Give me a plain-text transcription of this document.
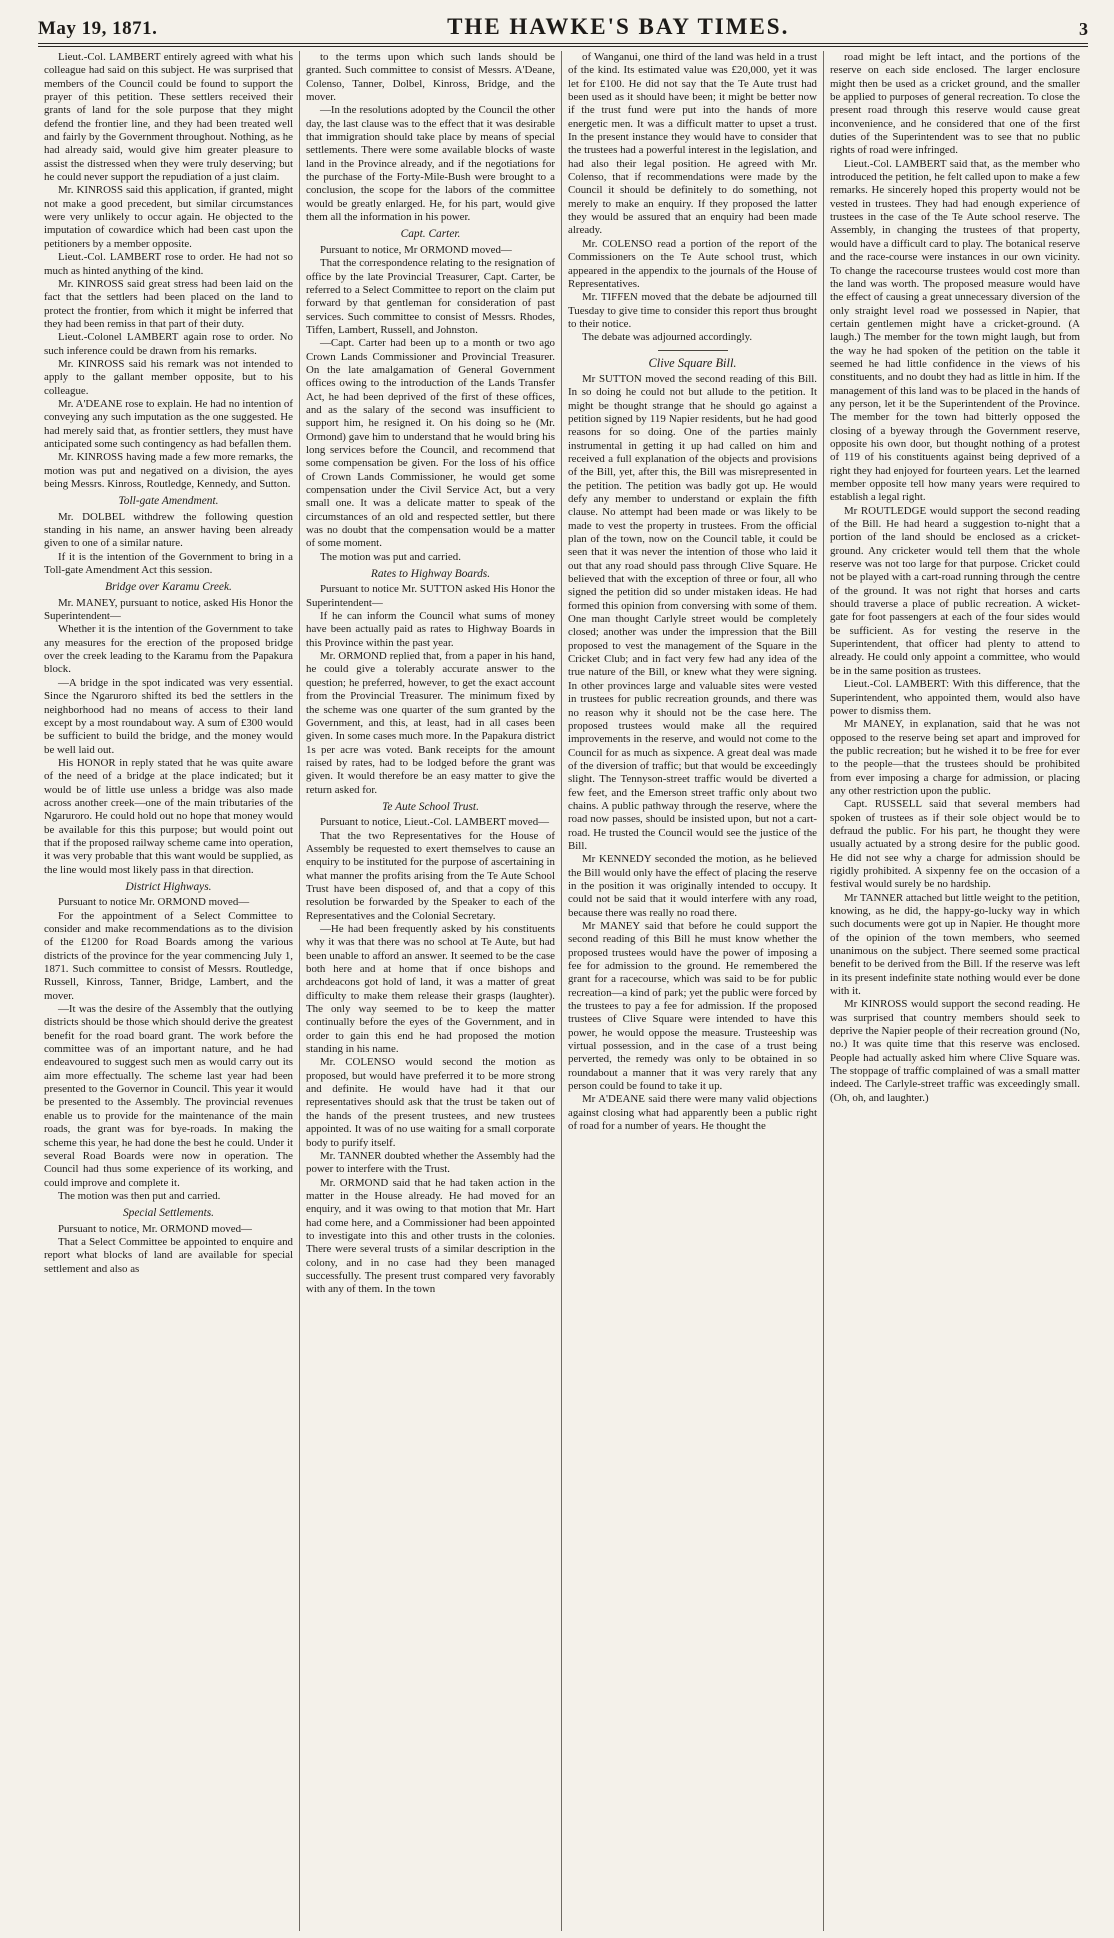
May 19, 1871.	THE HAWKE'S BAY TIMES.	3

Lieut.-Col. LAMBERT entirely agreed with what his colleague had said on this subject. He was surprised that members of the Council could be found to support the prayer of this petition. These settlers received their grants of land for the sole purpose that they might defend the frontier line, and they had been treated well and fairly by the Government throughout. Nothing, as he had already said, would give him greater pleasure to assist the distressed when they were truly deserving; but he could never support the repudiation of a just claim.

Mr. KINROSS said this application, if granted, might not make a good precedent, but similar circumstances were very unlikely to occur again. He objected to the imputation of cowardice which had been cast upon the petitioners by a member opposite.

Lieut.-Col. LAMBERT rose to order. He had not so much as hinted anything of the kind.

Mr. KINROSS said great stress had been laid on the fact that the settlers had been placed on the land to protect the frontier, from which it might be inferred that they had been remiss in that part of their duty.

Lieut.-Colonel LAMBERT again rose to order. No such inference could be drawn from his remarks.

Mr. KINROSS said his remark was not intended to apply to the gallant member opposite, but to his colleague.

Mr. A'DEANE rose to explain. He had no intention of conveying any such imputation as the one suggested. He had merely said that, as frontier settlers, they must have anticipated some such contingency as had befallen them.

Mr. KINROSS having made a few more remarks, the motion was put and negatived on a division, the ayes being Messrs. Kinross, Routledge, Kennedy, and Sutton.

Toll-gate Amendment.

Mr. DOLBEL withdrew the following question standing in his name, an answer having been already given to one of a similar nature.

If it is the intention of the Government to bring in a Toll-gate Amendment Act this session.

Bridge over Karamu Creek.

Mr. MANEY, pursuant to notice, asked His Honor the Superintendent—

Whether it is the intention of the Government to take any measures for the erection of the proposed bridge over the creek leading to the Karamu from the Papakura block.

—A bridge in the spot indicated was very essential. Since the Ngaruroro shifted its bed the settlers in the neighborhood had no means of access to their land except by a most roundabout way. A sum of £300 would be sufficient to build the bridge, and the money would be well laid out.

His HONOR in reply stated that he was quite aware of the need of a bridge at the place indicated; but it would be of little use unless a bridge was also made across another creek—one of the main tributaries of the Ngaruroro. He could hold out no hope that money would be available for this this purpose; but would point out that if the proposed railway scheme came into operation, it was very probable that this want would be supplied, as the line would most likely pass in that direction.

District Highways.

Pursuant to notice Mr. ORMOND moved—

For the appointment of a Select Committee to consider and make recommendations as to the division of the £1200 for Road Boards among the various districts of the province for the year commencing July 1, 1871. Such committee to consist of Messrs. Routledge, Russell, Kinross, Tanner, Bridge, Lambert, and the mover.

—It was the desire of the Assembly that the outlying districts should be those which should derive the greatest benefit for the road board grant. The work before the committee was of an important nature, and he had endeavoured to suggest such men as would carry out its aim more effectually. The scheme last year had been presented to the Governor in Council. This year it would be presented to the Assembly. The provincial revenues enable us to provide for the maintenance of the main roads, the grant was for bye-roads. In making the scheme this year, he had done the best he could. Under it several Road Boards were now in operation. The Council had thus some experience of its working, and could improve and complete it.

The motion was then put and carried.

Special Settlements.

Pursuant to notice, Mr. ORMOND moved—

That a Select Committee be appointed to enquire and report what blocks of land are available for special settlement and also as

to the terms upon which such lands should be granted. Such committee to consist of Messrs. A'Deane, Colenso, Tanner, Dolbel, Kinross, Bridge, and the mover.

—In the resolutions adopted by the Council the other day, the last clause was to the effect that it was desirable that immigration should take place by means of special settlements. There were some available blocks of waste land in the Province already, and if the negotiations for the purchase of the Forty-Mile-Bush were brought to a conclusion, the scope for the labors of the committee would be greatly enlarged. He, for his part, would give them all the information in his power.

Capt. Carter.

Pursuant to notice, Mr ORMOND moved—

That the correspondence relating to the resignation of office by the late Provincial Treasurer, Capt. Carter, be referred to a Select Committee to report on the claim put forward by that gentleman for consideration of past services. Such committee to consist of Messrs. Rhodes, Tiffen, Lambert, Russell, and Johnston.

—Capt. Carter had been up to a month or two ago Crown Lands Commissioner and Provincial Treasurer. On the late amalgamation of General Government offices owing to the introduction of the Lands Transfer Act, he had been deprived of the first of these offices, and as the salary of the second was insufficient to support him, he resigned it. On his doing so he (Mr. Ormond) gave him to understand that he would bring his long services before the Council, and recommend that some compensation be given. For the loss of his office of Crown Lands Commissioner, he would get some compensation under the Civil Service Act, but a very small one. It was a delicate matter to speak of the circumstances of an old and respected settler, but there was no doubt that the compensation would be a matter of some moment.

The motion was put and carried.

Rates to Highway Boards.

Pursuant to notice Mr. SUTTON asked His Honor the Superintendent—

If he can inform the Council what sums of money have been actually paid as rates to Highway Boards in this Province within the past year.

Mr. ORMOND replied that, from a paper in his hand, he could give a tolerably accurate answer to the question; he preferred, however, to get the exact account from the Provincial Treasurer. The minimum fixed by the scheme was one quarter of the sum granted by the Government, and this, at least, had in all cases been given. In some cases much more. In the Papakura district 1s per acre was voted. Bank receipts for the amount raised by rates, had to be lodged before the grant was given. It would therefore be an easy matter to give the return asked for.

Te Aute School Trust.

Pursuant to notice, Lieut.-Col. LAMBERT moved—

That the two Representatives for the House of Assembly be requested to exert themselves to cause an enquiry to be instituted for the purpose of ascertaining in what manner the profits arising from the Te Aute School Trust have been disposed of, and that a copy of this resolution be forwarded by the Speaker to each of the Representatives and the Colonial Secretary.

—He had been frequently asked by his constituents why it was that there was no school at Te Aute, but had been unable to afford an answer. It seemed to be the case both here and at home that if once bishops and archdeacons got hold of land, it was a matter of great difficulty to make them release their grasps (laughter). The only way seemed to be to keep the matter continually before the eyes of the Government, and in order to gain this end he had proposed the motion standing in his name.

Mr. COLENSO would second the motion as proposed, but would have preferred it to be more strong and definite. He would have had it that our representatives should ask that the trust be taken out of the hands of the present trustees, and new trustees appointed. It was of no use waiting for a small corporate body to purify itself.

Mr. TANNER doubted whether the Assembly had the power to interfere with the Trust.

Mr. ORMOND said that he had taken action in the matter in the House already. He had moved for an enquiry, and it was owing to that motion that Mr. Hart had come here, and a Commissioner had been appointed to investigate into this and other trusts in the colonies. There were several trusts of a similar description in the colony, and in no case had they been managed successfully. The present trust compared very favorably with any of them. In the town

of Wanganui, one third of the land was held in a trust of the kind. Its estimated value was £20,000, yet it was let for £100. He did not say that the Te Aute trust had been used as it should have been; it might be better now if the trust fund were put into the hands of more energetic men. It was a difficult matter to upset a trust. In the present instance they would have to consider that the trustees had a powerful interest in the legislation, and had also their legal position. He agreed with Mr. Colenso, that if recommendations were made by the Council it should be definitely to do something, not merely to make an enquiry. If they proposed the latter they would be assured that an enquiry had been made already.

Mr. COLENSO read a portion of the report of the Commissioners on the Te Aute school trust, which appeared in the appendix to the journals of the House of Representatives.

Mr. TIFFEN moved that the debate be adjourned till Tuesday to give time to consider this report thus brought to their notice.

The debate was adjourned accordingly.

Clive Square Bill.

Mr SUTTON moved the second reading of this Bill. In so doing he could not but allude to the petition. It might be thought strange that he should go against a petition signed by 119 Napier residents, but he had good reasons for so doing. One of the parties mainly instrumental in getting it up had called on him and received a full explanation of the objects and provisions of the Bill, yet, after this, the Bill was misrepresented in the petition. The petition was badly got up. He would defy any member to understand or explain the fifth clause. No attempt had been made or was likely to be made to vest the property in trustees. From the official plan of the town, now on the Council table, it could be seen that it was never the intention of those who laid it out that any road should pass through Clive Square. He believed that with the exception of three or four, all who signed the petition did so under mistaken ideas. He had formed this opinion from conversing with some of them. One man thought Carlyle street would be completely closed; another was under the impression that the Bill proposed to vest the management of the Square in the Cricket Club; and in fact very few had any idea of the true nature of the Bill, or knew what they were signing. In other provinces large and valuable sites were vested in trustees for public recreation grounds, and there was no reason why it should not be the case here. The proposed trustees would make all the required improvements in the reserve, and would not come to the Council for as much as sixpence. A great deal was made of the diversion of traffic; but that would be exceedingly slight. The Tennyson-street traffic would be diverted a few feet, and the Emerson street traffic only about two chains. A public pathway through the reserve, where the road now passes, should be insisted upon, but not a cart-road. He trusted the Council would see the justice of the Bill.

Mr KENNEDY seconded the motion, as he believed the Bill would only have the effect of placing the reserve in the position it was originally intended to occupy. It could not be said that it would interfere with any road, because there was really no road there.

Mr MANEY said that before he could support the second reading of this Bill he must know whether the proposed trustees would have the power of imposing a fee for admission to the ground. He remembered the grant for a racecourse, which was said to be for public recreation—a kind of park; yet the public were forced by the trustees to pay a fee for admission. If the proposed trustees of Clive Square were intended to have this power, he would oppose the measure. Trusteeship was virtual possession, and in the case of a trust being perverted, the remedy was only to be obtained in so roundabout a manner that it was very rarely that any person could be found to take it up.

Mr A'DEANE said there were many valid objections against closing what had apparently been a public right of road for a number of years. He thought the

road might be left intact, and the portions of the reserve on each side enclosed. The larger enclosure might then be used as a cricket ground, and the smaller be applied to purposes of general recreation. To close the present road through this reserve would cause great inconvenience, and he considered that one of the first duties of the Superintendent was to see that no public rights of road were infringed.

Lieut.-Col. LAMBERT said that, as the member who introduced the petition, he felt called upon to make a few remarks. He sincerely hoped this property would not be vested in trustees. They had had enough experience of trustees in the case of the Te Aute school reserve. The Assembly, in changing the trustees of that property, would have a difficult card to play. The botanical reserve and the race-course were instances in our own vicinity. To change the racecourse trustees would cost more than the land was worth. The proposed measure would have the effect of causing a great unnecessary diversion of the only straight level road we possessed in Napier, that certain gentlemen might have a cricket-ground. (A laugh.) The member for the town might laugh, but from the way he had spoken of the petition on the table it seemed he had little confidence in the views of his constituents, and no doubt they had as little in him. If the management of this land was to be placed in the hands of any person, let it be the Superintendent of the Province. The member for the town had bitterly opposed the closing of a byeway through the Government reserve, opposite his own door, but thought nothing of a protest of 119 of his constituents against being deprived of a right they had enjoyed for fourteen years. Let the learned member opposite tell how many years were required to establish a legal right.

Mr ROUTLEDGE would support the second reading of the Bill. He had heard a suggestion to-night that a portion of the land should be enclosed as a cricket-ground. Any cricketer would tell them that the whole reserve was not too large for that purpose. Cricket could not be played with a cart-road running through the centre of the ground. It was not right that horses and carts should traverse a place of public recreation. A wicket-gate for foot passengers at each of the four sides would be sufficient. As for vesting the reserve in the Superintendent, that officer had plenty to attend to already. He could only appoint a committee, who would be in the same position as trustees.

Lieut.-Col. LAMBERT: With this difference, that the Superintendent, who appointed them, would also have power to dismiss them.

Mr MANEY, in explanation, said that he was not opposed to the reserve being set apart and improved for the public recreation; but he wished it to be free for ever to the people—that the trustees should be prohibited from ever imposing a charge for admission, or placing any other restriction upon the public.

Capt. RUSSELL said that several members had spoken of trustees as if their sole object would be to defraud the public. For his part, he thought they were usually actuated by a strong desire for the public good. He did not see why a charge for admission should be rigidly prohibited. A sixpenny fee on the occasion of a festival would surely be no hardship.

Mr TANNER attached but little weight to the petition, knowing, as he did, the happy-go-lucky way in which such documents were got up in Napier. He thought more of the opinion of the town members, who seemed unanimous on the subject. There seemed some practical benefit to be derived from the Bill. If the reserve was left in its present indefinite state nothing would ever be done with it.

Mr KINROSS would support the second reading. He was surprised that country members should seek to deprive the Napier people of their recreation ground (No, no.) It was quite time that this reserve was enclosed. People had actually asked him where Clive Square was. The stoppage of traffic complained of was a small matter indeed. The Carlyle-street traffic was exceedingly small. (Oh, oh, and laughter.)
